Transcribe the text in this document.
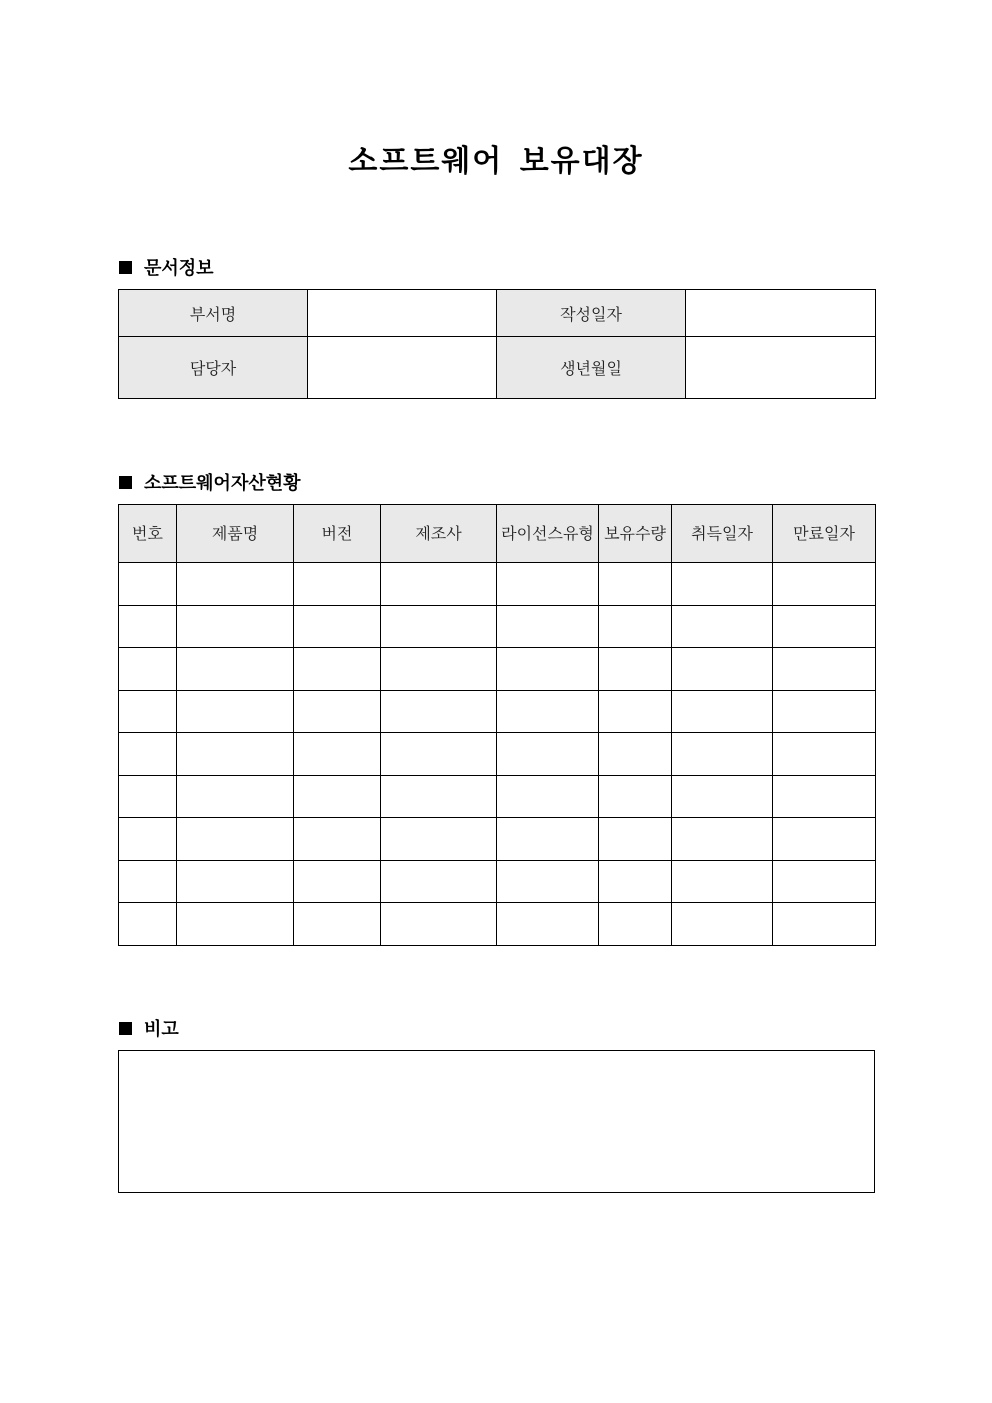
소프트웨어 보유대장
문서정보
부서명		작성일자	
담당자		생년월일	
소프트웨어자산현황
번호	제품명	버전	제조사	라이선스유형	보유수량	취득일자	만료일자

비고
